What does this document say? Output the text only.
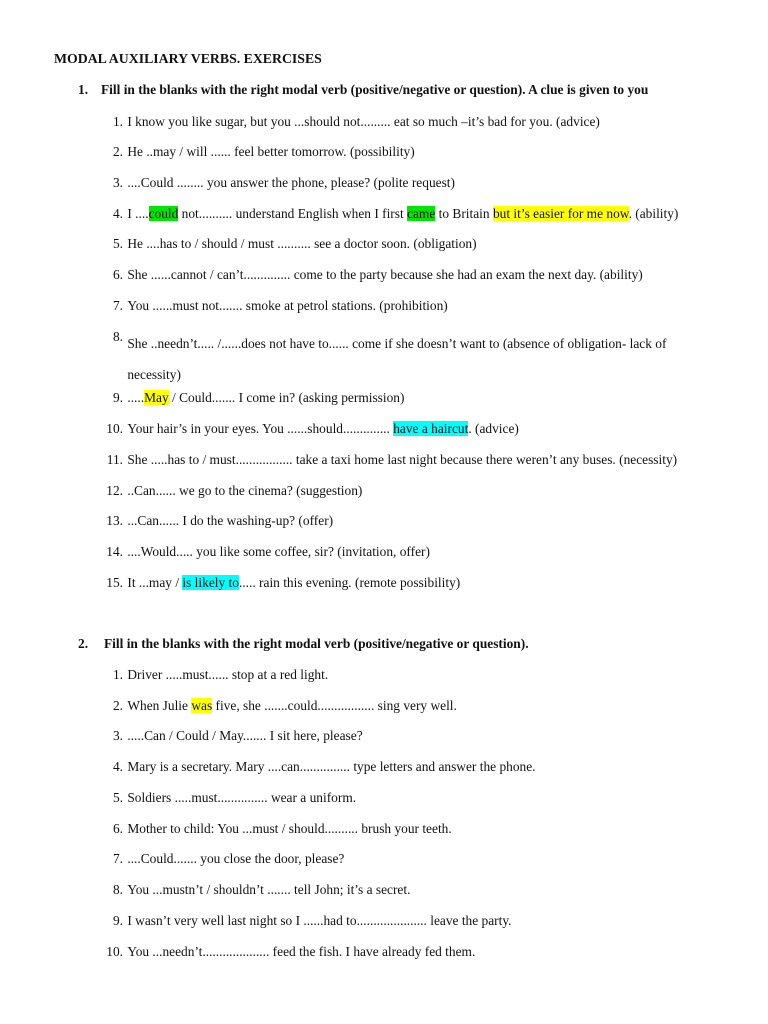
MODAL AUXILIARY VERBS. EXERCISES
1. Fill in the blanks with the right modal verb (positive/negative or question). A clue is given to you
1. I know you like sugar, but you ...should not......... eat so much –it’s bad for you. (advice)
2. He ..may / will ...... feel better tomorrow. (possibility)
3. ....Could ........ you answer the phone, please? (polite request)
4. I ....could not.......... understand English when I first came to Britain but it’s easier for me now. (ability)
5. He ....has to / should / must .......... see a doctor soon. (obligation)
6. She ......cannot / can’t.............. come to the party because she had an exam the next day. (ability)
7. You ......must not....... smoke at petrol stations. (prohibition)
8. She ..needn’t..... /......does not have to...... come if she doesn’t want to (absence of obligation- lack of necessity)
9. .....May / Could....... I come in? (asking permission)
10. Your hair’s in your eyes. You ......should.............. have a haircut. (advice)
11. She .....has to / must................. take a taxi home last night because there weren’t any buses. (necessity)
12. ..Can...... we go to the cinema? (suggestion)
13. ...Can...... I do the washing-up? (offer)
14. ....Would..... you like some coffee, sir? (invitation, offer)
15. It ...may / is likely to..... rain this evening. (remote possibility)
2. Fill in the blanks with the right modal verb (positive/negative or question).
1. Driver .....must...... stop at a red light.
2. When Julie was five, she .......could................. sing very well.
3. .....Can / Could / May....... I sit here, please?
4. Mary is a secretary. Mary ....can............... type letters and answer the phone.
5. Soldiers .....must............... wear a uniform.
6. Mother to child: You ...must / should.......... brush your teeth.
7. ....Could....... you close the door, please?
8. You ...mustn’t / shouldn’t ....... tell John; it’s a secret.
9. I wasn’t very well last night so I ......had to..................... leave the party.
10. You ...needn’t.................... feed the fish. I have already fed them.
